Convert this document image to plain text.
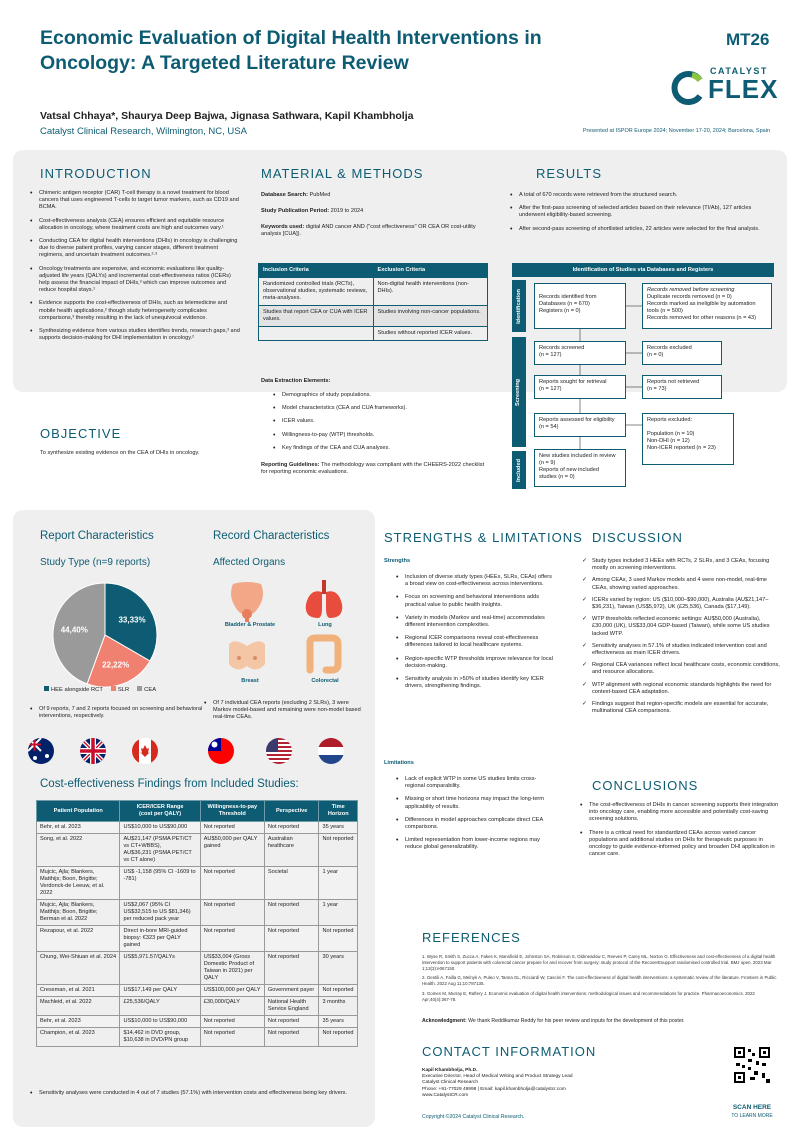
Economic Evaluation of Digital Health Interventions in Oncology: A Targeted Literature Review
MT26
CATALYST
FLEX
Vatsal Chhaya*, Shaurya Deep Bajwa, Jignasa Sathwara, Kapil Khambholja
Catalyst Clinical Research, Wilmington, NC, USA	Presented at ISPOR Europe 2024; November 17-20, 2024; Barcelona, Spain
INTRODUCTION
• Chimeric antigen receptor (CAR) T-cell therapy is a novel treatment for blood cancers that uses engineered T-cells to target tumor markers, such as CD19 and BCMA.
• Cost-effectiveness analysis (CEA) ensures efficient and equitable resource allocation in oncology, where treatment costs are high and outcomes vary.¹
• Conducting CEA for digital health interventions (DHIs) in oncology is challenging due to diverse patient profiles, varying cancer stages, different treatment regimens, and uncertain treatment outcomes.²·³
• Oncology treatments are expensive, and economic evaluations like quality-adjusted life years (QALYs) and incremental cost-effectiveness ratios (ICERs) help assess the financial impact of DHIs,³ which can improve outcomes and reduce hospital stays.¹
• Evidence supports the cost-effectiveness of DHIs, such as telemedicine and mobile health applications,² though study heterogeneity complicates comparisons,³ thereby resulting in the lack of unequivocal evidence.
• Synthesizing evidence from various studies identifies trends, research gaps,³ and supports decision-making for DHI implementation in oncology.²
OBJECTIVE
MATERIAL & METHODS
Database Search: PubMed
Study Publication Period: 2019 to 2024
Keywords used: digital AND cancer AND ("cost effectiveness" OR CEA OR cost-utility analysis [CUA]).
Inclusion Criteria	Exclusion Criteria
Randomized controlled trials (RCTs), observational studies, systematic reviews, meta-analyses.	Non-digital health interventions (non-DHIs).
Studies that report CEA or CUA with ICER values.	Studies involving non-cancer populations.
	Studies without reported ICER values.
Data Extraction Elements:
• Demographics of study populations.
• Model characteristics (CEA and CUA frameworks).
• ICER values.
• Willingness-to-pay (WTP) thresholds.
• Key findings of the CEA and CUA analyses.
Reporting Guidelines: The methodology was compliant with the CHEERS-2022 checklist for reporting economic evaluations.
RESULTS
• A total of 670 records were retrieved from the structured search.
• After the first-pass screening of selected articles based on their relevance (TI/Ab), 127 articles underwent eligibility-based screening.
• After second-pass screening of shortlisted articles, 22 articles were selected for the final analysis.
Identification of Studies via Databases and Registers
Identification
Screening
Included
Records identified from
Databases (n = 670)
Registers (n = 0)
Records removed before screening
Duplicate records removed (n = 0)
Records marked as ineligible by automation tools (n = 500)
Records removed for other reasons (n = 43)
Records screened
(n = 127)
Records excluded
(n = 0)
Reports sought for retrieval
(n = 127)
Reports not retrieved
(n = 73)
Reports assessed for eligibility
(n = 54)
Reports excluded:

Population (n = 10)
Non-DHI (n = 12)
Non-ICER reported (n = 23)
New studies included in review
(n = 9)
Reports of new included
studies (n = 0)
Report Characteristics
Study Type (n=9 reports)
33,33%
22,22%
44,40%
HEE alongside RCT	SLR	CEA
• Of 9 reports, 7 and 2 reports focused on screening and behavioral interventions, respectively.
Record Characteristics
Affected Organs
Bladder & Prostate	Lung
Breast	Colorectal
• Of 7 individual CEA reports (excluding 2 SLRs), 3 were Markov model-based and remaining were non-model based real-time CEAs.
Cost-effectiveness Findings from Included Studies:
Patient Population	ICER/ICER Range
(cost per QALY)	Willingness-to-pay
Threshold	Perspective	Time
Horizon
Behr, et al. 2023	US$10,000 to US$90,000	Not reported	Not reported	35 years
Song, et al. 2022	AU$21,147 (PSMA PET/CT vs CT+WBBS),
AU$36,231 (PSMA PET/CT vs CT alone)	AU$50,000 per QALY gained	Australian healthcare	Not reported
Mujcic, Ajla; Blankers, Matthijs; Boon, Brigitte; Verdonck-de Leeuw, et al. 2022	US$ -1,158 (95% CI -1609 to -781)	Not reported	Societal	1 year
Mujcic, Ajla; Blankers, Matthijs; Boon, Brigitte; Berman et al. 2022	US$2,067 (95% CI US$32,515 to US $81,346) per reduced pack year	Not reported	Not reported	1 year
Rezapour, et al. 2022	Direct in-bore MRI-guided biopsy: €323 per QALY gained	Not reported	Not reported	Not reported
Chung, Wei-Shiuan et al. 2024	US$5,971.57/QALYs	US$33,004 (Gross Domestic Product of Taiwan in 2021) per QALY	Not reported	30 years
Cressman, et al. 2021	US$17,149 per QALY	US$100,000 per QALY	Government payer	Not reported
Machleid, et al. 2022	£25,536/QALY	£30,000/QALY	National Health Service England	3 months
Behr, et al. 2023	US$10,000 to US$90,000	Not reported	Not reported	35 years
Champion, et al. 2023	$14,462 in DVD group, $10,638 in DVD/PN group	Not reported	Not reported	Not reported
• Sensitivity analyses were conducted in 4 out of 7 studies (57.1%) with intervention costs and effectiveness being key drivers.
STRENGTHS & LIMITATIONS
Strengths
• Inclusion of diverse study types (HEEs, SLRs, CEAs) offers a broad view on cost-effectiveness across interventions.
• Focus on screening and behavioral interventions adds practical value to public health insights.
• Variety in models (Markov and real-time) accommodates different intervention complexities.
• Regional ICER comparisons reveal cost-effectiveness differences tailored to local healthcare systems.
• Region-specific WTP thresholds improve relevance for local decision-making.
• Sensitivity analysis in >50% of studies identify key ICER drivers, strengthening findings.
Limitations
• Lack of explicit WTP in some US studies limits cross-regional comparability.
• Missing or short time horizons may impact the long-term applicability of results.
• Differences in model approaches complicate direct CEA comparisons.
• Limited representation from lower-income regions may reduce global generalizability.
DISCUSSION
✓ Study types included 3 HEEs with RCTs, 2 SLRs, and 3 CEAs, focusing mostly on screening interventions.
✓ Among CEAs, 3 used Markov models and 4 were non-model, real-time CEAs, showing varied approaches.
✓ ICERs varied by region: US ($10,000–$90,000), Australia (AU$21,147–$36,231), Taiwan (US$5,972), UK (£25,536), Canada ($17,149).
✓ WTP thresholds reflected economic settings: AU$50,000 (Australia), £30,000 (UK), US$33,004 GDP-based (Taiwan), while some US studies lacked WTP.
✓ Sensitivity analyses in 57.1% of studies indicated intervention cost and effectiveness as main ICER drivers.
✓ Regional CEA variances reflect local healthcare costs, economic conditions, and resource allocations.
✓ WTP alignment with regional economic standards highlights the need for context-based CEA adaptation.
✓ Findings suggest that region-specific models are essential for accurate, multinational CEA comparisons.
CONCLUSIONS
• The cost-effectiveness of DHIs in cancer screening supports their integration into oncology care, enabling more accessible and potentially cost-saving screening solutions.
• There is a critical need for standardized CEAs across varied cancer populations and additional studies on DHIs for therapeutic purposes in oncology to guide evidence-informed policy and broaden DHI application in cancer care.
REFERENCES
1. Wyse R, Smith S, Zucca A, Fakes K, Mansfield E, Johnston SA, Robinson S, Oldmeadow C, Reeves P, Carey ML, Norton G. Effectiveness and cost-effectiveness of a digital health intervention to support patients with colorectal cancer prepare for and recover from surgery: study protocol of the RecoverEsupport randomised controlled trial. BMJ open. 2023 Mar 1;13(3):e067150.
2. Gentili A, Failla G, Melnyk A, Puleo V, Tanna GL, Ricciardi W, Cascini F. The cost-effectiveness of digital health interventions: a systematic review of the literature. Frontiers in Public Health. 2022 Aug 11;10:787135.
3. Gomes M, Murray E, Raftery J. Economic evaluation of digital health interventions: methodological issues and recommendations for practice. Pharmacoeconomics. 2022 Apr;40(4):367-78.
Acknowledgment: We thank Reddikumar Reddy for his peer review and inputs for the development of this poster.
CONTACT INFORMATION
Kapil Khambholja, Ph.D.
Executive Director, Head of Medical Writing and Product Strategy Lead
Catalyst Clinical Research
Phone: +91-77029 49998 | Email: kapil.khambholja@catalystcr.com
www.CatalystCR.com
Copyright ©2024 Catalyst Clinical Research.
SCAN HERE
TO LEARN MORE
To synthesize existing evidence on the CEA of DHIs in oncology.
